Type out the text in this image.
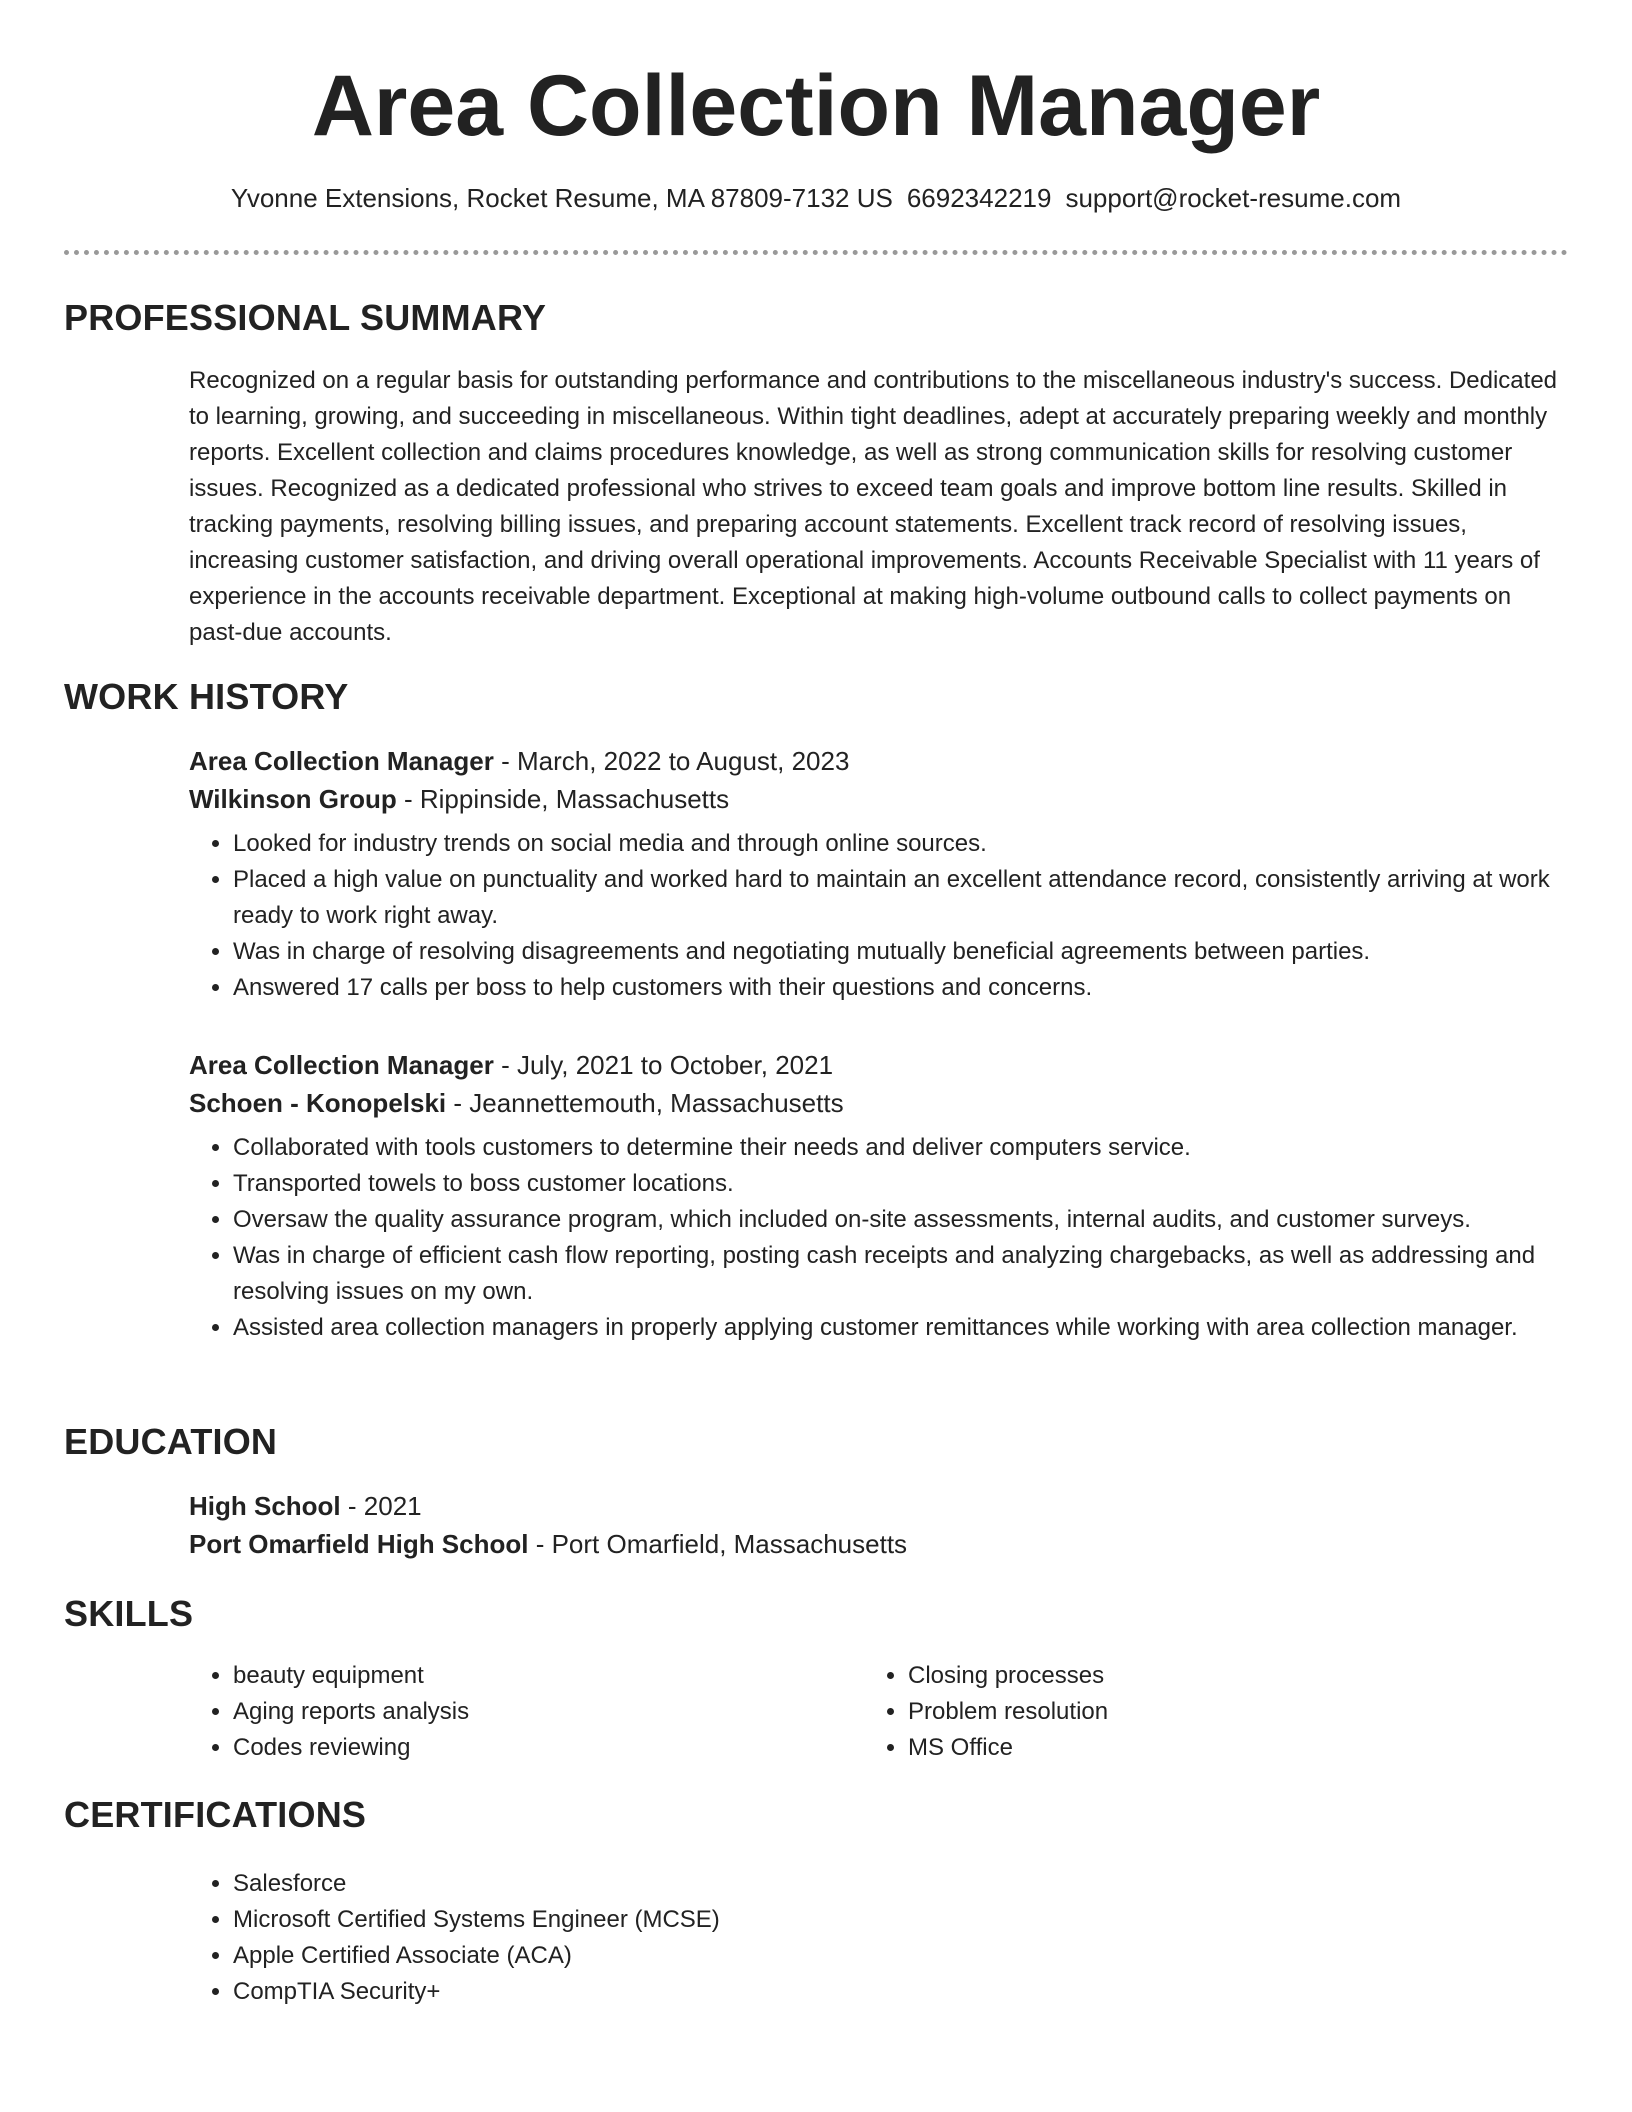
Area Collection Manager
Yvonne Extensions, Rocket Resume, MA 87809-7132 US 6692342219 support@rocket-resume.com
PROFESSIONAL SUMMARY

Recognized on a regular basis for outstanding performance and contributions to the miscellaneous industry's success. Dedicated to learning, growing, and succeeding in miscellaneous. Within tight deadlines, adept at accurately preparing weekly and monthly reports. Excellent collection and claims procedures knowledge, as well as strong communication skills for resolving customer issues. Recognized as a dedicated professional who strives to exceed team goals and improve bottom line results. Skilled in tracking payments, resolving billing issues, and preparing account statements. Excellent track record of resolving issues, increasing customer satisfaction, and driving overall operational improvements. Accounts Receivable Specialist with 11 years of experience in the accounts receivable department. Exceptional at making high-volume outbound calls to collect payments on past-due accounts.

WORK HISTORY

Area Collection Manager - March, 2022 to August, 2023

Wilkinson Group - Rippinside, Massachusetts

• Looked for industry trends on social media and through online sources.
• Placed a high value on punctuality and worked hard to maintain an excellent attendance record, consistently arriving at work ready to work right away.
• Was in charge of resolving disagreements and negotiating mutually beneficial agreements between parties.
• Answered 17 calls per boss to help customers with their questions and concerns.

Area Collection Manager - July, 2021 to October, 2021

Schoen - Konopelski - Jeannettemouth, Massachusetts

• Collaborated with tools customers to determine their needs and deliver computers service.
• Transported towels to boss customer locations.
• Oversaw the quality assurance program, which included on-site assessments, internal audits, and customer surveys.
• Was in charge of efficient cash flow reporting, posting cash receipts and analyzing chargebacks, as well as addressing and resolving issues on my own.
• Assisted area collection managers in properly applying customer remittances while working with area collection manager.
EDUCATION

High School - 2021

Port Omarfield High School - Port Omarfield, Massachusetts

SKILLS
• beauty equipment
• Aging reports analysis
• Codes reviewing
• Closing processes
• Problem resolution
• MS Office
CERTIFICATIONS
• Salesforce
• Microsoft Certified Systems Engineer (MCSE)
• Apple Certified Associate (ACA)
• CompTIA Security+
